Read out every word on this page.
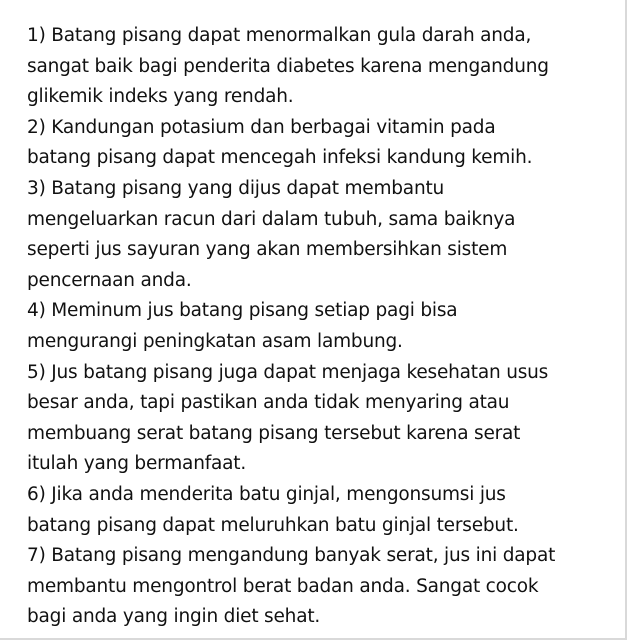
1) Batang pisang dapat menormalkan gula darah anda,
sangat baik bagi penderita diabetes karena mengandung
glikemik indeks yang rendah.
2) Kandungan potasium dan berbagai vitamin pada
batang pisang dapat mencegah infeksi kandung kemih.
3) Batang pisang yang dijus dapat membantu
mengeluarkan racun dari dalam tubuh, sama baiknya
seperti jus sayuran yang akan membersihkan sistem
pencernaan anda.
4) Meminum jus batang pisang setiap pagi bisa
mengurangi peningkatan asam lambung.
5) Jus batang pisang juga dapat menjaga kesehatan usus
besar anda, tapi pastikan anda tidak menyaring atau
membuang serat batang pisang tersebut karena serat
itulah yang bermanfaat.
6) Jika anda menderita batu ginjal, mengonsumsi jus
batang pisang dapat meluruhkan batu ginjal tersebut.
7) Batang pisang mengandung banyak serat, jus ini dapat
membantu mengontrol berat badan anda. Sangat cocok
bagi anda yang ingin diet sehat.
